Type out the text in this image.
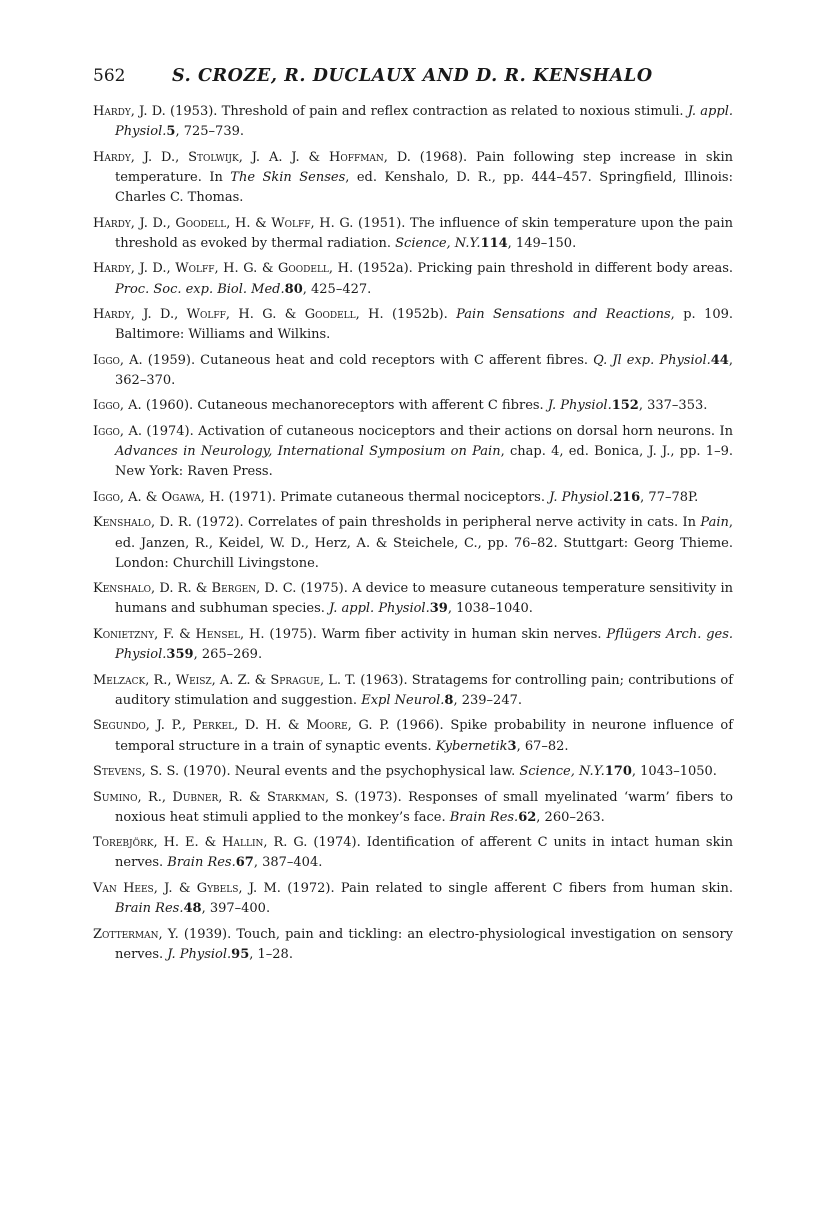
562	S. CROZE, R. DUCLAUX AND D. R. KENSHALO
Hardy, J. D. (1953). Threshold of pain and reflex contraction as related to noxious stimuli. J. appl. Physiol.5, 725–739.
Hardy, J. D., Stolwijk, J. A. J. & Hoffman, D. (1968). Pain following step increase in skin temperature. In The Skin Senses, ed. Kenshalo, D. R., pp. 444–457. Springfield, Illinois: Charles C. Thomas.
Hardy, J. D., Goodell, H. & Wolff, H. G. (1951). The influence of skin temperature upon the pain threshold as evoked by thermal radiation. Science, N.Y.114, 149–150.
Hardy, J. D., Wolff, H. G. & Goodell, H. (1952a). Pricking pain threshold in different body areas. Proc. Soc. exp. Biol. Med.80, 425–427.
Hardy, J. D., Wolff, H. G. & Goodell, H. (1952b). Pain Sensations and Reactions, p. 109. Baltimore: Williams and Wilkins.
Iggo, A. (1959). Cutaneous heat and cold receptors with C afferent fibres. Q. Jl exp. Physiol.44, 362–370.
Iggo, A. (1960). Cutaneous mechanoreceptors with afferent C fibres. J. Physiol.152, 337–353.
Iggo, A. (1974). Activation of cutaneous nociceptors and their actions on dorsal horn neurons. In Advances in Neurology, International Symposium on Pain, chap. 4, ed. Bonica, J. J., pp. 1–9. New York: Raven Press.
Iggo, A. & Ogawa, H. (1971). Primate cutaneous thermal nociceptors. J. Physiol.216, 77–78P.
Kenshalo, D. R. (1972). Correlates of pain thresholds in peripheral nerve activity in cats. In Pain, ed. Janzen, R., Keidel, W. D., Herz, A. & Steichele, C., pp. 76–82. Stuttgart: Georg Thieme. London: Churchill Livingstone.
Kenshalo, D. R. & Bergen, D. C. (1975). A device to measure cutaneous temperature sensitivity in humans and subhuman species. J. appl. Physiol.39, 1038–1040.
Konietzny, F. & Hensel, H. (1975). Warm fiber activity in human skin nerves. Pflügers Arch. ges. Physiol.359, 265–269.
Melzack, R., Weisz, A. Z. & Sprague, L. T. (1963). Stratagems for controlling pain; contributions of auditory stimulation and suggestion. Expl Neurol.8, 239–247.
Segundo, J. P., Perkel, D. H. & Moore, G. P. (1966). Spike probability in neurone influence of temporal structure in a train of synaptic events. Kybernetik3, 67–82.
Stevens, S. S. (1970). Neural events and the psychophysical law. Science, N.Y.170, 1043–1050.
Sumino, R., Dubner, R. & Starkman, S. (1973). Responses of small myelinated ‘warm’ fibers to noxious heat stimuli applied to the monkey’s face. Brain Res.62, 260–263.
Torebjörk, H. E. & Hallin, R. G. (1974). Identification of afferent C units in intact human skin nerves. Brain Res.67, 387–404.
Van Hees, J. & Gybels, J. M. (1972). Pain related to single afferent C fibers from human skin. Brain Res.48, 397–400.
Zotterman, Y. (1939). Touch, pain and tickling: an electro-physiological investigation on sensory nerves. J. Physiol.95, 1–28.
